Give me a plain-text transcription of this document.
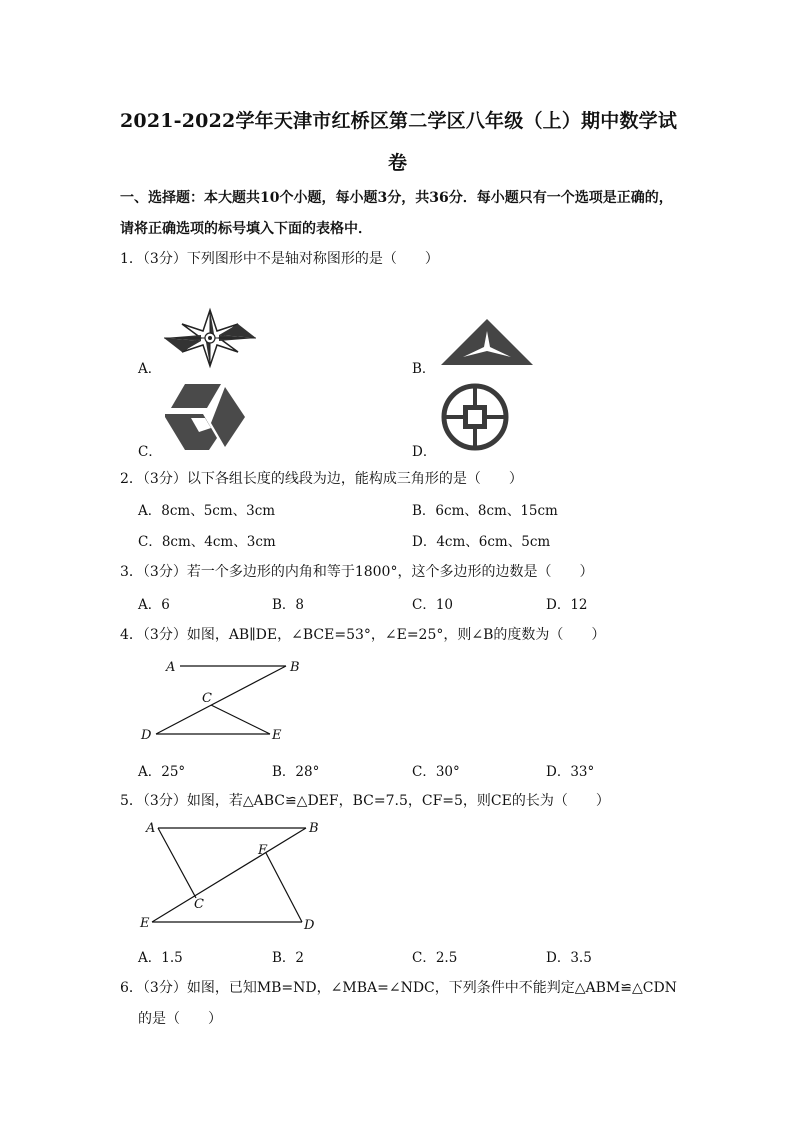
2021-2022学年天津市红桥区第二学区八年级（上）期中数学试
卷
一、选择题：本大题共10个小题，每小题3分，共36分．每小题只有一个选项是正确的，
请将正确选项的标号填入下面的表格中．
1．（3分）下列图形中不是轴对称图形的是（　　）
A．	B．
C．	D．
2．（3分）以下各组长度的线段为边，能构成三角形的是（　　）
A．8cm、5cm、3cm	B．6cm、8cm、15cm
C．8cm、4cm、3cm	D．4cm、6cm、5cm
3．（3分）若一个多边形的内角和等于1800°，这个多边形的边数是（　　）
A．6	B．8	C．10	D．12
4．（3分）如图，AB∥DE，∠BCE=53°，∠E=25°，则∠B的度数为（　　）
A	B
C
D	E
A．25°	B．28°	C．30°	D．33°
5．（3分）如图，若△ABC≌△DEF，BC=7.5，CF=5，则CE的长为（　　）
A	B
F
C
E	D
A．1.5	B．2	C．2.5	D．3.5
6．（3分）如图，已知MB=ND，∠MBA=∠NDC，下列条件中不能判定△ABM≌△CDN
的是（　　）
